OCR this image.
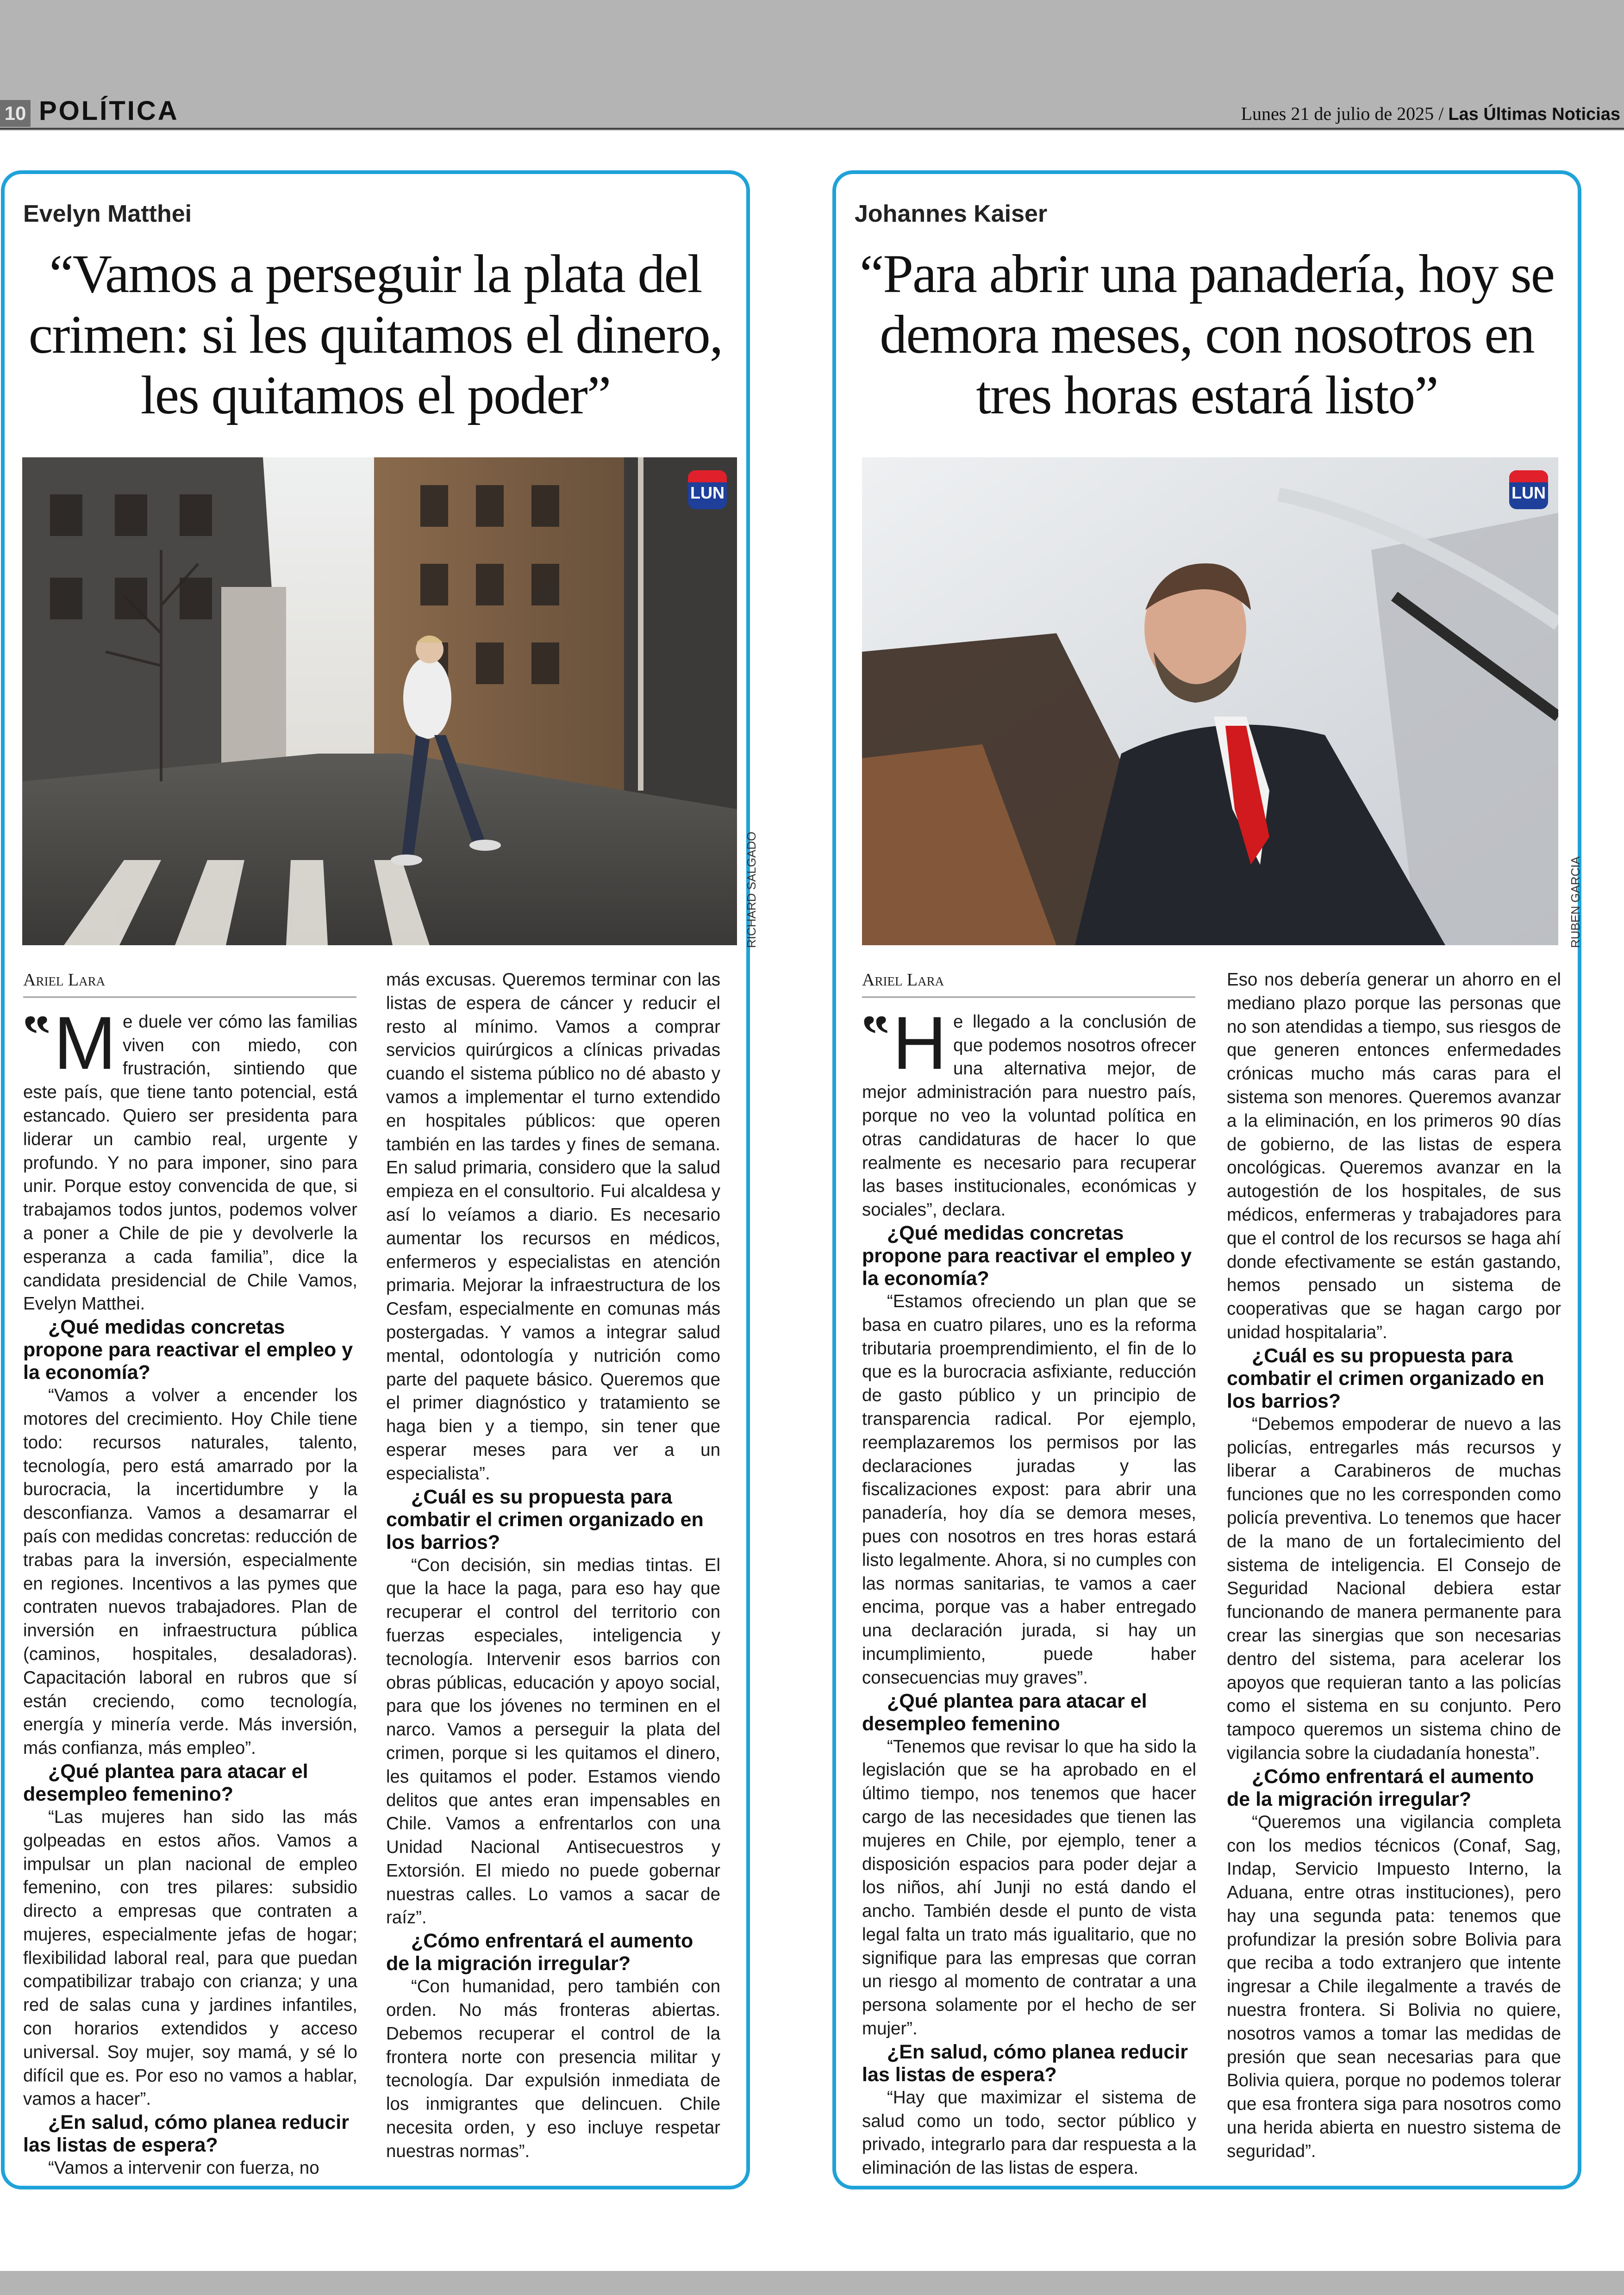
10 POLÍTICA	Lunes 21 de julio de 2025 / Las Últimas Noticias
Evelyn Matthei
“Vamos a perseguir la plata del crimen: si les quitamos el dinero, les quitamos el poder”
LUN
RICHARD SALGADO
Ariel Lara
‟ M e duele ver cómo las familias viven con miedo, con frustración, sintiendo que este país, que tiene tanto potencial, está estancado. Quiero ser presidenta para liderar un cambio real, urgente y profundo. Y no para imponer, sino para unir. Porque estoy convencida de que, si trabajamos todos juntos, podemos volver a poner a Chile de pie y devolverle la esperanza a cada familia”, dice la candidata presidencial de Chile Vamos, Evelyn Matthei.

¿Qué medidas concretas propone para reactivar el empleo y la economía?

“Vamos a volver a encender los motores del crecimiento. Hoy Chile tiene todo: recursos naturales, talento, tecnología, pero está amarrado por la burocracia, la incertidumbre y la desconfianza. Vamos a desamarrar el país con medidas concretas: reducción de trabas para la inversión, especialmente en regiones. Incentivos a las pymes que contraten nuevos trabajadores. Plan de inversión en infraestructura pública (caminos, hospitales, desaladoras). Capacitación laboral en rubros que sí están creciendo, como tecnología, energía y minería verde. Más inversión, más confianza, más empleo”.

¿Qué plantea para atacar el desempleo femenino?

“Las mujeres han sido las más golpeadas en estos años. Vamos a impulsar un plan nacional de empleo femenino, con tres pilares: subsidio directo a empresas que contraten a mujeres, especialmente jefas de hogar; flexibilidad laboral real, para que puedan compatibilizar trabajo con crianza; y una red de salas cuna y jardines infantiles, con horarios extendidos y acceso universal. Soy mujer, soy mamá, y sé lo difícil que es. Por eso no vamos a hablar, vamos a hacer”.

¿En salud, cómo planea reducir las listas de espera?

“Vamos a intervenir con fuerza, no

más excusas. Queremos terminar con las listas de espera de cáncer y reducir el resto al mínimo. Vamos a comprar servicios quirúrgicos a clínicas privadas cuando el sistema público no dé abasto y vamos a implementar el turno extendido en hospitales públicos: que operen también en las tardes y fines de semana. En salud primaria, considero que la salud empieza en el consultorio. Fui alcaldesa y así lo veíamos a diario. Es necesario aumentar los recursos en médicos, enfermeros y especialistas en atención primaria. Mejorar la infraestructura de los Cesfam, especialmente en comunas más postergadas. Y vamos a integrar salud mental, odontología y nutrición como parte del paquete básico. Queremos que el primer diagnóstico y tratamiento se haga bien y a tiempo, sin tener que esperar meses para ver a un especialista”.

¿Cuál es su propuesta para combatir el crimen organizado en los barrios?

“Con decisión, sin medias tintas. El que la hace la paga, para eso hay que recuperar el control del territorio con fuerzas especiales, inteligencia y tecnología. Intervenir esos barrios con obras públicas, educación y apoyo social, para que los jóvenes no terminen en el narco. Vamos a perseguir la plata del crimen, porque si les quitamos el dinero, les quitamos el poder. Estamos viendo delitos que antes eran impensables en Chile. Vamos a enfrentarlos con una Unidad Nacional Antisecuestros y Extorsión. El miedo no puede gobernar nuestras calles. Lo vamos a sacar de raíz”.

¿Cómo enfrentará el aumento de la migración irregular?

“Con humanidad, pero también con orden. No más fronteras abiertas. Debemos recuperar el control de la frontera norte con presencia militar y tecnología. Dar expulsión inmediata de los inmigrantes que delincuen. Chile necesita orden, y eso incluye respetar nuestras normas”.

Johannes Kaiser
“Para abrir una panadería, hoy se demora meses, con nosotros en tres horas estará listo”
LUN
RUBEN GARCIA
Ariel Lara
‟ H e llegado a la conclusión de que podemos nosotros ofrecer una alternativa mejor, de mejor administración para nuestro país, porque no veo la voluntad política en otras candidaturas de hacer lo que realmente es necesario para recuperar las bases institucionales, económicas y sociales”, declara.

¿Qué medidas concretas propone para reactivar el empleo y la economía?

“Estamos ofreciendo un plan que se basa en cuatro pilares, uno es la reforma tributaria proemprendimiento, el fin de lo que es la burocracia asfixiante, reducción de gasto público y un principio de transparencia radical. Por ejemplo, reemplazaremos los permisos por las declaraciones juradas y las fiscalizaciones expost: para abrir una panadería, hoy día se demora meses, pues con nosotros en tres horas estará listo legalmente. Ahora, si no cumples con las normas sanitarias, te vamos a caer encima, porque vas a haber entregado una declaración jurada, si hay un incumplimiento, puede haber consecuencias muy graves”.

¿Qué plantea para atacar el desempleo femenino

“Tenemos que revisar lo que ha sido la legislación que se ha aprobado en el último tiempo, nos tenemos que hacer cargo de las necesidades que tienen las mujeres en Chile, por ejemplo, tener a disposición espacios para poder dejar a los niños, ahí Junji no está dando el ancho. También desde el punto de vista legal falta un trato más igualitario, que no signifique para las empresas que corran un riesgo al momento de contratar a una persona solamente por el hecho de ser mujer”.

¿En salud, cómo planea reducir las listas de espera?

“Hay que maximizar el sistema de salud como un todo, sector público y privado, integrarlo para dar respuesta a la eliminación de las listas de espera.

Eso nos debería generar un ahorro en el mediano plazo porque las personas que no son atendidas a tiempo, sus riesgos de que generen entonces enfermedades crónicas mucho más caras para el sistema son menores. Queremos avanzar a la eliminación, en los primeros 90 días de gobierno, de las listas de espera oncológicas. Queremos avanzar en la autogestión de los hospitales, de sus médicos, enfermeras y trabajadores para que el control de los recursos se haga ahí donde efectivamente se están gastando, hemos pensado un sistema de cooperativas que se hagan cargo por unidad hospitalaria”.

¿Cuál es su propuesta para combatir el crimen organizado en los barrios?

“Debemos empoderar de nuevo a las policías, entregarles más recursos y liberar a Carabineros de muchas funciones que no les corresponden como policía preventiva. Lo tenemos que hacer de la mano de un fortalecimiento del sistema de inteligencia. El Consejo de Seguridad Nacional debiera estar funcionando de manera permanente para crear las sinergias que son necesarias dentro del sistema, para acelerar los apoyos que requieran tanto a las policías como el sistema en su conjunto. Pero tampoco queremos un sistema chino de vigilancia sobre la ciudadanía honesta”.

¿Cómo enfrentará el aumento de la migración irregular?

“Queremos una vigilancia completa con los medios técnicos (Conaf, Sag, Indap, Servicio Impuesto Interno, la Aduana, entre otras instituciones), pero hay una segunda pata: tenemos que profundizar la presión sobre Bolivia para que reciba a todo extranjero que intente ingresar a Chile ilegalmente a través de nuestra frontera. Si Bolivia no quiere, nosotros vamos a tomar las medidas de presión que sean necesarias para que Bolivia quiera, porque no podemos tolerar que esa frontera siga para nosotros como una herida abierta en nuestro sistema de seguridad”.
